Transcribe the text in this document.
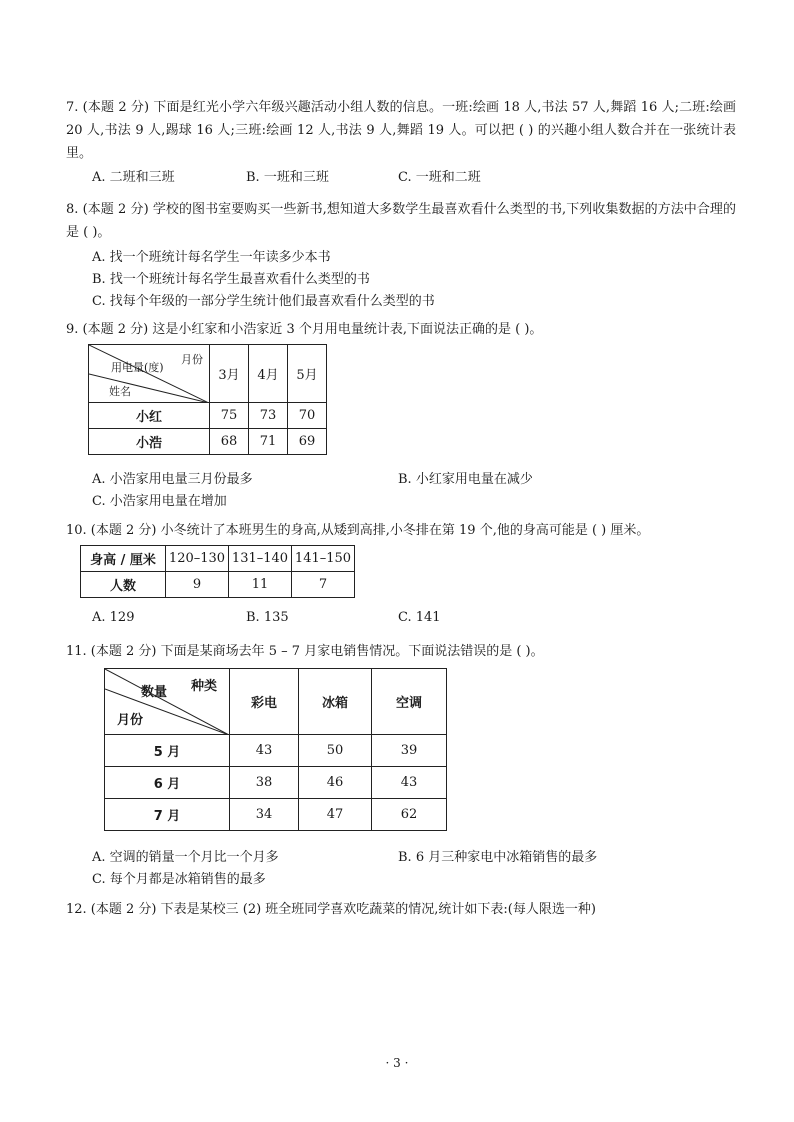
7. (本题 2 分) 下面是红光小学六年级兴趣活动小组人数的信息。一班:绘画 18 人,书法 57 人,舞蹈 16 人;二班:绘画 20 人,书法 9 人,踢球 16 人;三班:绘画 12 人,书法 9 人,舞蹈 19 人。可以把 ( ) 的兴趣小组人数合并在一张统计表里。
A. 二班和三班	B. 一班和三班	C. 一班和二班
8. (本题 2 分) 学校的图书室要购买一些新书,想知道大多数学生最喜欢看什么类型的书,下列收集数据的方法中合理的是 ( )。
A. 找一个班统计每名学生一年读多少本书
B. 找一个班统计每名学生最喜欢看什么类型的书
C. 找每个年级的一部分学生统计他们最喜欢看什么类型的书
9. (本题 2 分) 这是小红家和小浩家近 3 个月用电量统计表,下面说法正确的是 ( )。
月份
用电量(度)
姓名	3月	4月	5月
小红	75	73	70
小浩	68	71	69
A. 小浩家用电量三月份最多	B. 小红家用电量在减少
C. 小浩家用电量在增加
10. (本题 2 分) 小冬统计了本班男生的身高,从矮到高排,小冬排在第 19 个,他的身高可能是 ( ) 厘米。
身高 / 厘米	120–130	131–140	141–150
人数	9	11	7
A. 129	B. 135	C. 141
11. (本题 2 分) 下面是某商场去年 5 – 7 月家电销售情况。下面说法错误的是 ( )。
种类
数量
月份	彩电	冰箱	空调
5 月	43	50	39
6 月	38	46	43
7 月	34	47	62
A. 空调的销量一个月比一个月多	B. 6 月三种家电中冰箱销售的最多
C. 每个月都是冰箱销售的最多
12. (本题 2 分) 下表是某校三 (2) 班全班同学喜欢吃蔬菜的情况,统计如下表:(每人限选一种)
· 3 ·
